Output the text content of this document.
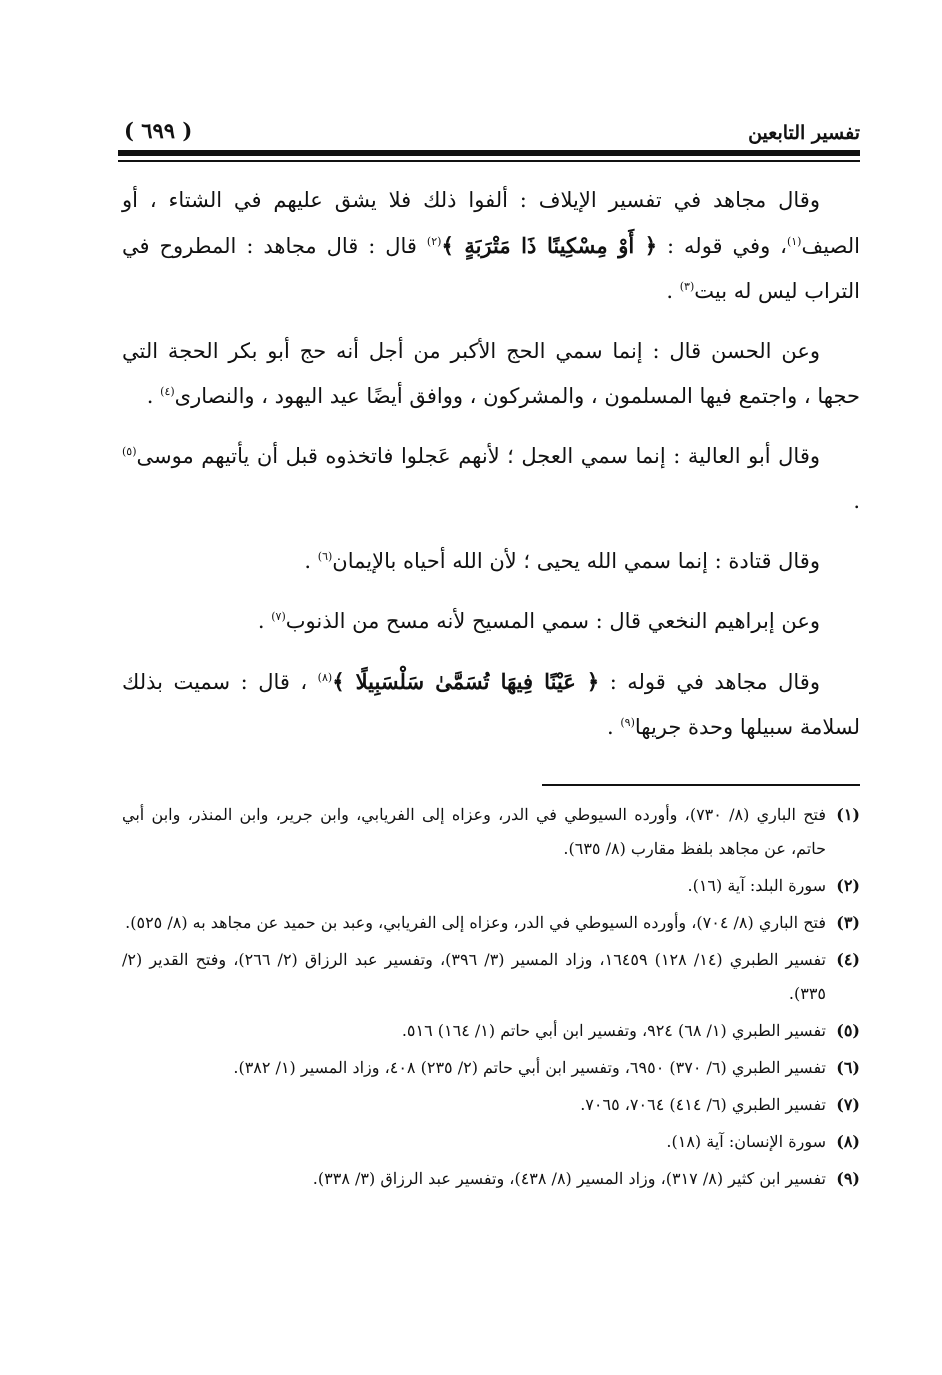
تفسير التابعين
( ٦٩٩ )

وقال مجاهد في تفسير الإيلاف : ألفوا ذلك فلا يشق عليهم في الشتاء ، أو الصيف$^{(١)}$، وفي قوله : ﴿ أَوْ مِسْكِينًا ذَا مَتْرَبَةٍ ﴾$^{(٢)}$ قال : قال مجاهد : المطروح في التراب ليس له بيت$^{(٣)}$ .

وعن الحسن قال : إنما سمي الحج الأكبر من أجل أنه حج أبو بكر الحجة التي حجها ، واجتمع فيها المسلمون ، والمشركون ، ووافق أيضًا عيد اليهود ، والنصارى$^{(٤)}$ .

وقال أبو العالية : إنما سمي العجل ؛ لأنهم عَجلوا فاتخذوه قبل أن يأتيهم موسى$^{(٥)}$ .

وقال قتادة : إنما سمي الله يحيى ؛ لأن الله أحياه بالإيمان$^{(٦)}$ .

وعن إبراهيم النخعي قال : سمي المسيح لأنه مسح من الذنوب$^{(٧)}$ .

وقال مجاهد في قوله : ﴿ عَيْنًا فِيهَا تُسَمَّىٰ سَلْسَبِيلًا ﴾$^{(٨)}$ ، قال : سميت بذلك لسلامة سبيلها وحدة جريها$^{(٩)}$ .

(١)
فتح الباري (٨/ ٧٣٠)، وأورده السيوطي في الدر، وعزاه إلى الفريابي، وابن جرير، وابن المنذر، وابن أبي حاتم، عن مجاهد بلفظ مقارب (٨/ ٦٣٥).
(٢)
سورة البلد: آية (١٦).
(٣)
فتح الباري (٨/ ٧٠٤)، وأورده السيوطي في الدر، وعزاه إلى الفريابي، وعبد بن حميد عن مجاهد به (٨/ ٥٢٥).
(٤)
تفسير الطبري (١٤/ ١٢٨) ١٦٤٥٩، وزاد المسير (٣/ ٣٩٦)، وتفسير عبد الرزاق (٢/ ٢٦٦)، وفتح القدير (٢/ ٣٣٥).
(٥)
تفسير الطبري (١/ ٦٨) ٩٢٤، وتفسير ابن أبي حاتم (١/ ١٦٤) ٥١٦.
(٦)
تفسير الطبري (٦/ ٣٧٠) ٦٩٥٠، وتفسير ابن أبي حاتم (٢/ ٢٣٥) ٤٠٨، وزاد المسير (١/ ٣٨٢).
(٧)
تفسير الطبري (٦/ ٤١٤) ٧٠٦٤، ٧٠٦٥.
(٨)
سورة الإنسان: آية (١٨).
(٩)
تفسير ابن كثير (٨/ ٣١٧)، وزاد المسير (٨/ ٤٣٨)، وتفسير عبد الرزاق (٣/ ٣٣٨).
